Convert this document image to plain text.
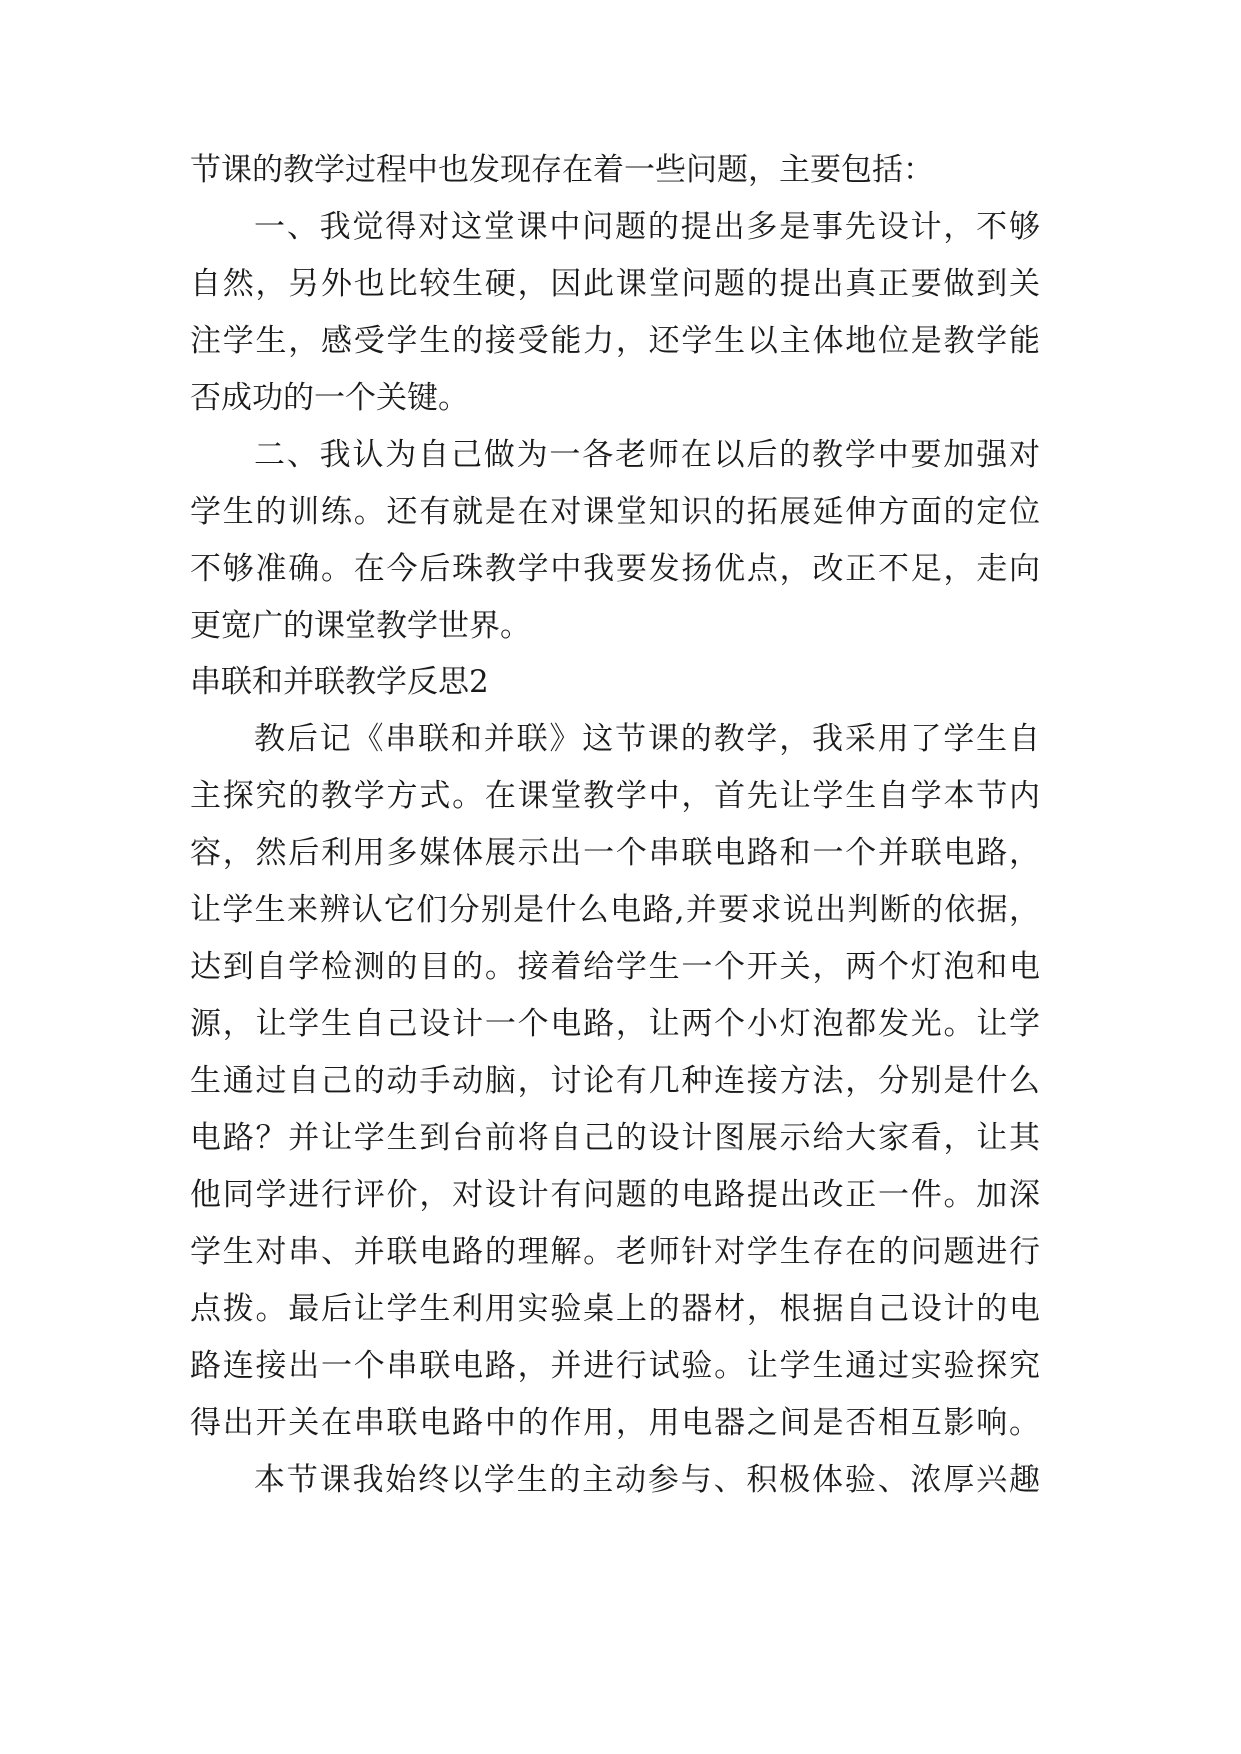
节课的教学过程中也发现存在着一些问题，主要包括：

一、我觉得对这堂课中问题的提出多是事先设计，不够

自然，另外也比较生硬，因此课堂问题的提出真正要做到关

注学生，感受学生的接受能力，还学生以主体地位是教学能

否成功的一个关键。

二、我认为自己做为一各老师在以后的教学中要加强对

学生的训练。还有就是在对课堂知识的拓展延伸方面的定位

不够准确。在今后珠教学中我要发扬优点，改正不足，走向

更宽广的课堂教学世界。

串联和并联教学反思2

教后记《串联和并联》这节课的教学，我采用了学生自

主探究的教学方式。在课堂教学中，首先让学生自学本节内

容，然后利用多媒体展示出一个串联电路和一个并联电路，

让学生来辨认它们分别是什么电路,并要求说出判断的依据，

达到自学检测的目的。接着给学生一个开关，两个灯泡和电

源，让学生自己设计一个电路，让两个小灯泡都发光。让学

生通过自己的动手动脑，讨论有几种连接方法，分别是什么

电路？并让学生到台前将自己的设计图展示给大家看，让其

他同学进行评价，对设计有问题的电路提出改正一件。加深

学生对串、并联电路的理解。老师针对学生存在的问题进行

点拨。最后让学生利用实验桌上的器材，根据自己设计的电

路连接出一个串联电路，并进行试验。让学生通过实验探究

得出开关在串联电路中的作用，用电器之间是否相互影响。

本节课我始终以学生的主动参与、积极体验、浓厚兴趣
